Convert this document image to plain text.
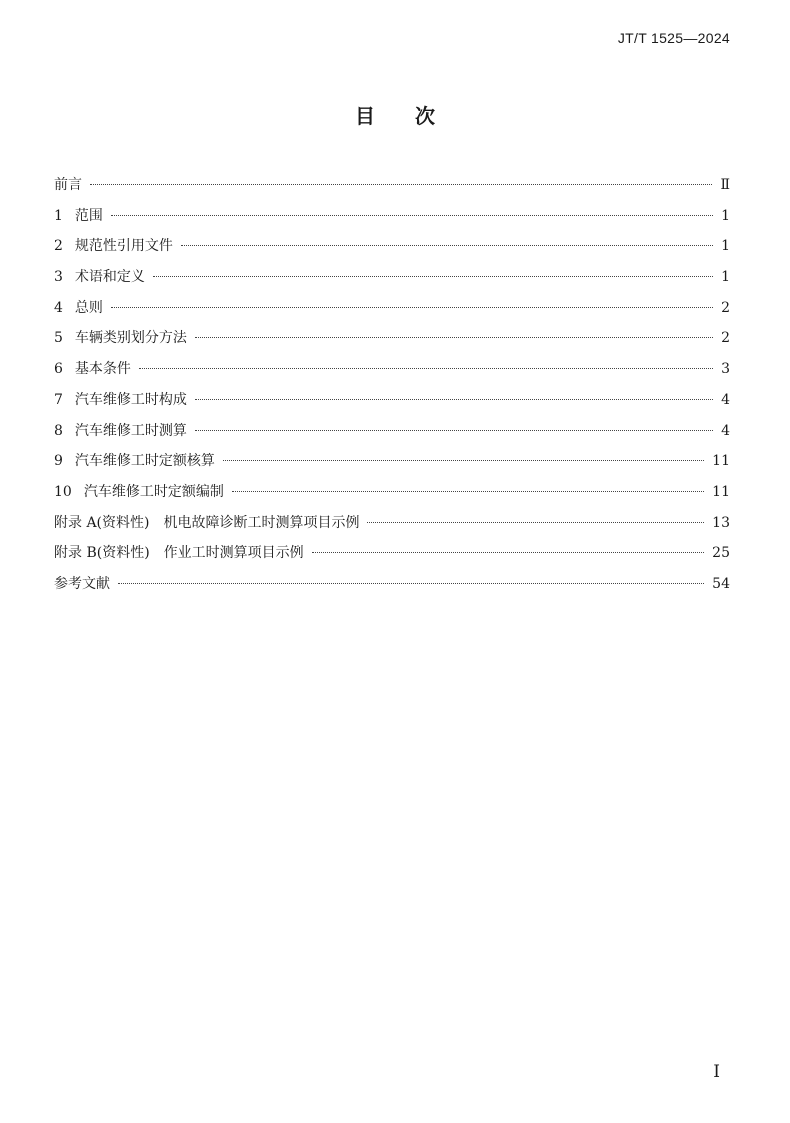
JT/T 1525—2024
目次
前言	Ⅱ
1 范围	1
2 规范性引用文件	1
3 术语和定义	1
4 总则	2
5 车辆类别划分方法	2
6 基本条件	3
7 汽车维修工时构成	4
8 汽车维修工时测算	4
9 汽车维修工时定额核算	11
10 汽车维修工时定额编制	11
附录 A(资料性)　机电故障诊断工时测算项目示例	13
附录 B(资料性)　作业工时测算项目示例	25
参考文献	54
Ⅰ
